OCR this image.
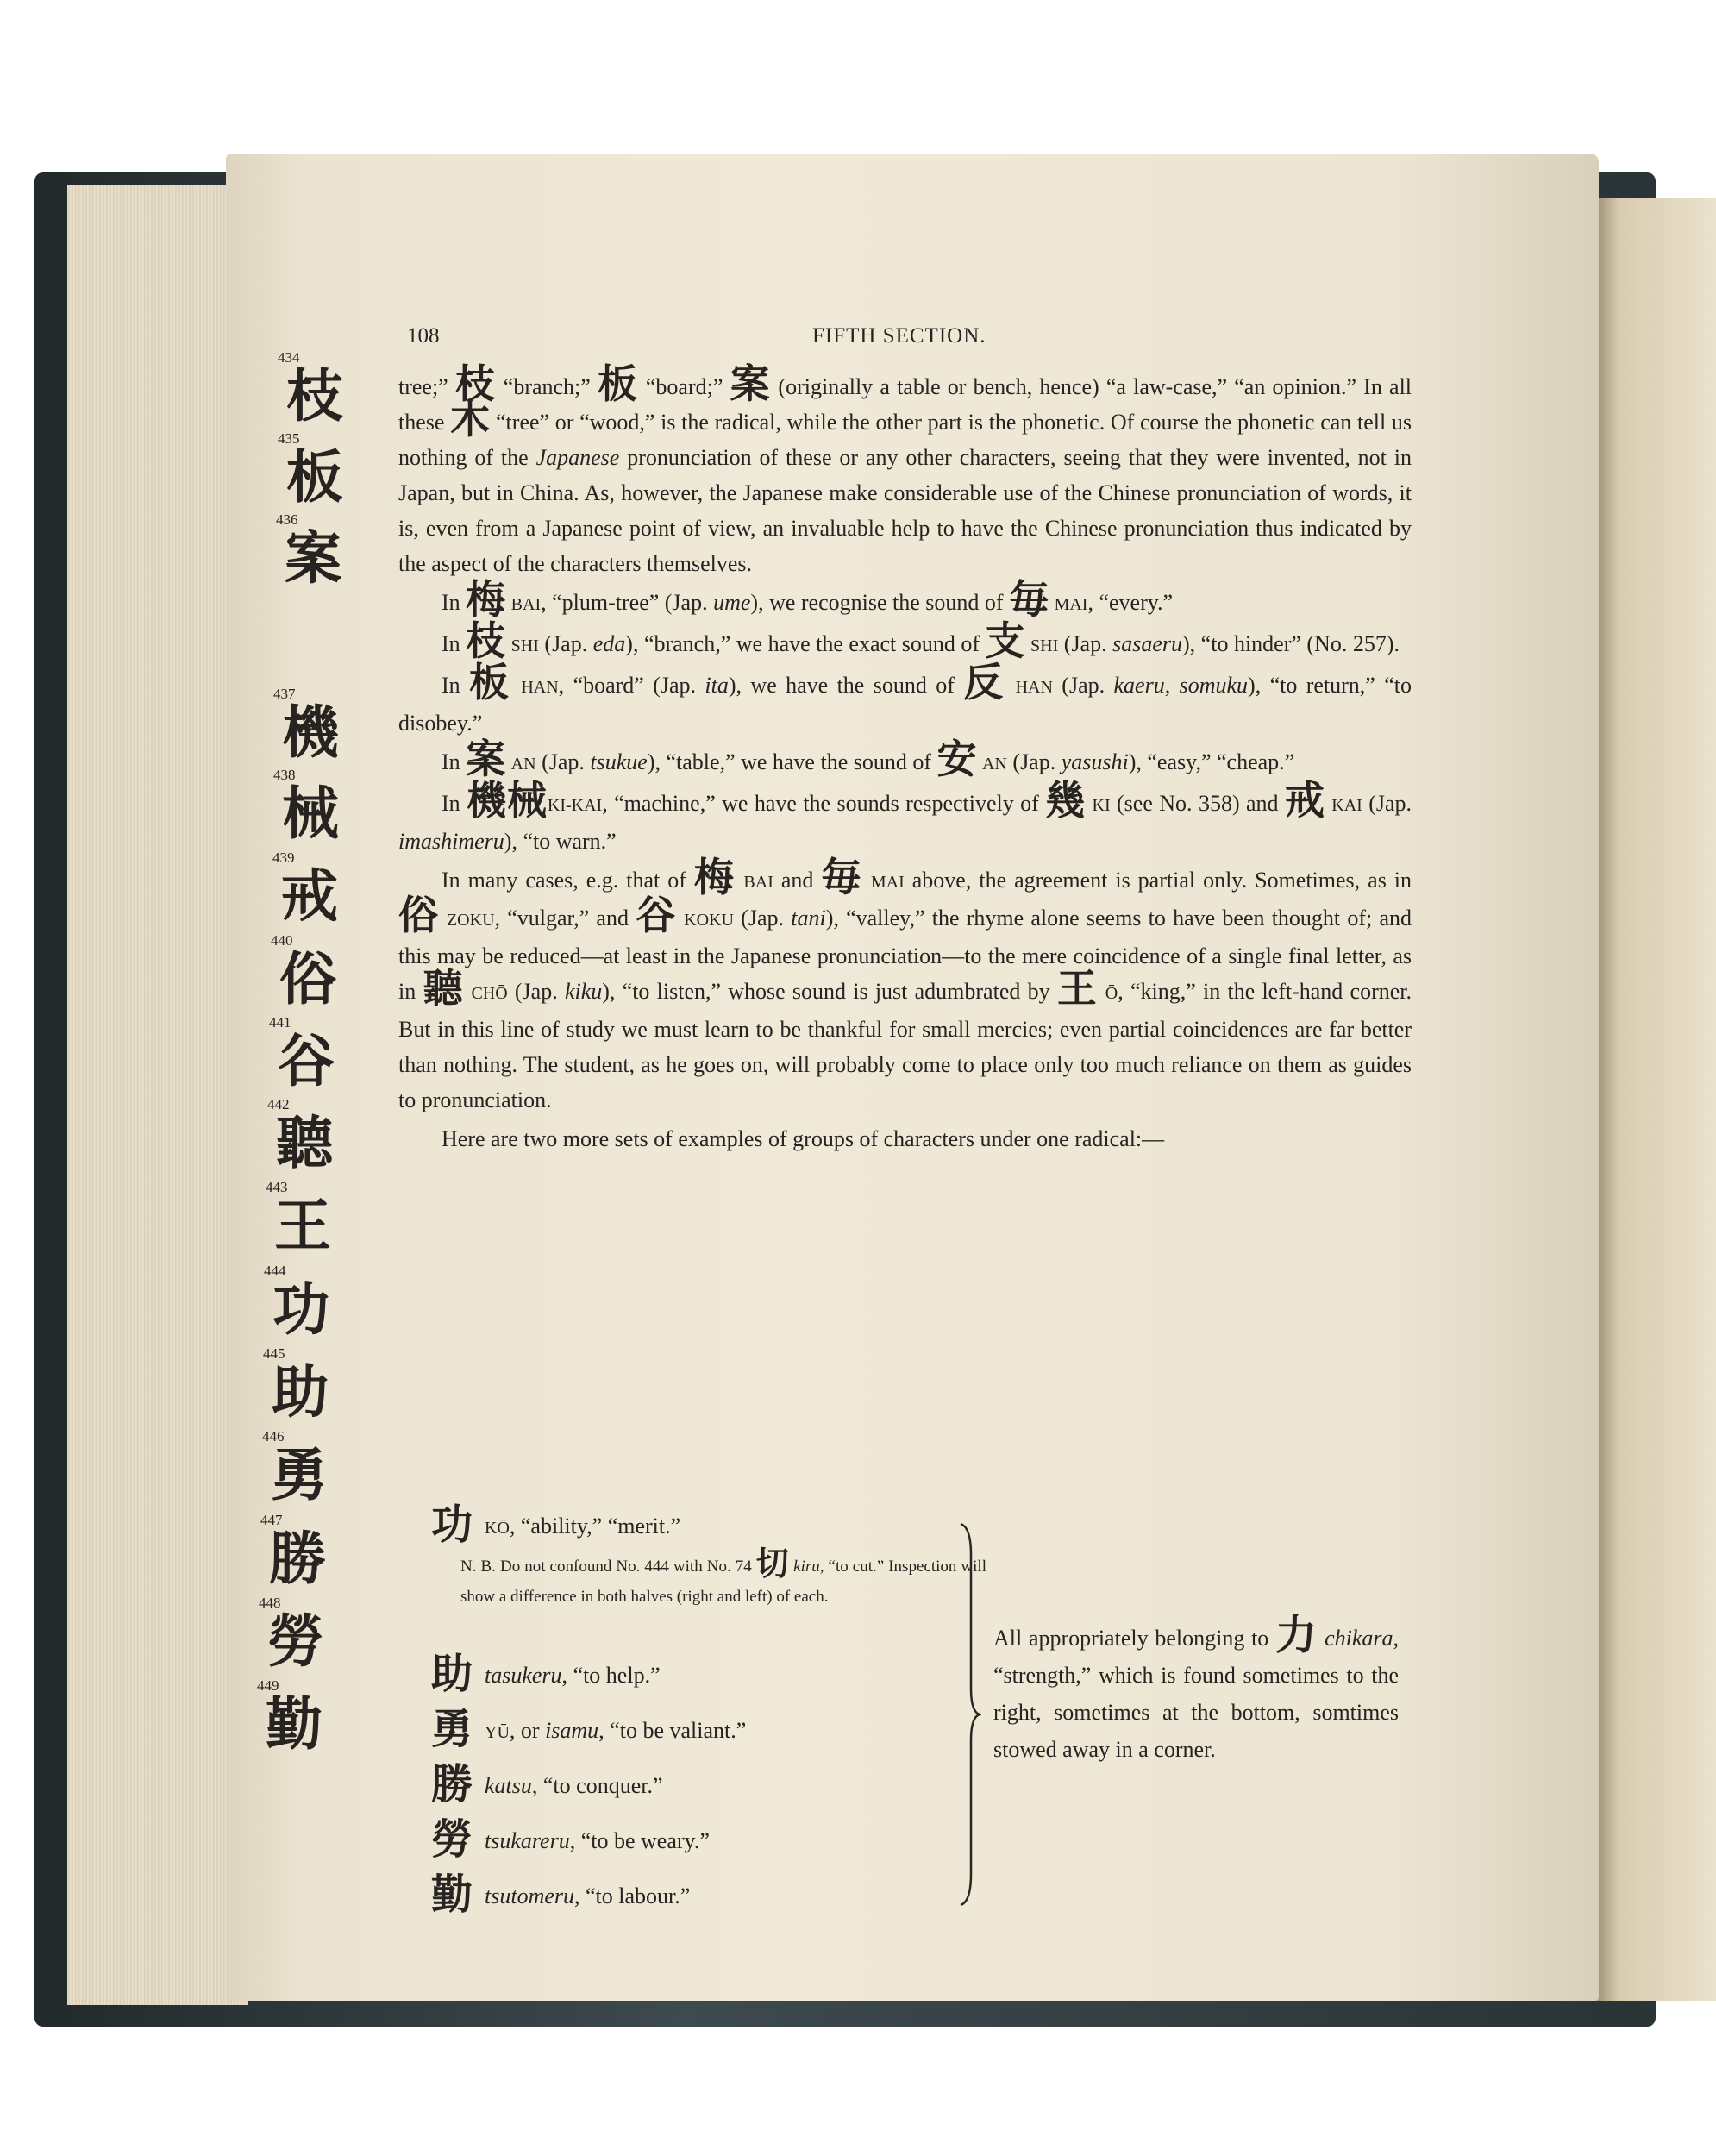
108	FIFTH SECTION.
434
枝
435
板
436
案
437
機
438
械
439
戒
440
俗
441
谷
442
聽
443
王
444
功
445
助
446
勇
447
勝
448
勞
449
勤

tree;” 枝 “branch;” 板 “board;” 案 (originally a table or bench, hence) “a law-case,” “an opinion.” In all these 木 “tree” or “wood,” is the radical, while the other part is the phonetic. Of course the phonetic can tell us nothing of the Japanese pronunciation of these or any other characters, seeing that they were invented, not in Japan, but in China. As, however, the Japanese make considerable use of the Chinese pronunciation of words, it is, even from a Japanese point of view, an invaluable help to have the Chinese pronunciation thus indicated by the aspect of the characters themselves.

In 梅 BAI, “plum-tree” (Jap. ume), we recognise the sound of 毎 MAI, “every.”

In 枝 SHI (Jap. eda), “branch,” we have the exact sound of 支 SHI (Jap. sasaeru), “to hinder” (No. 257).

In 板 HAN, “board” (Jap. ita), we have the sound of 反 HAN (Jap. kaeru, somuku), “to return,” “to disobey.”

In 案 AN (Jap. tsukue), “table,” we have the sound of 安 AN (Jap. yasushi), “easy,” “cheap.”

In 機械KI-KAI, “machine,” we have the sounds respectively of 幾 KI (see No. 358) and 戒 KAI (Jap. imashimeru), “to warn.”

In many cases, e.g. that of 梅 BAI and 毎 MAI above, the agreement is partial only. Sometimes, as in 俗 ZOKU, “vulgar,” and 谷 KOKU (Jap. tani), “valley,” the rhyme alone seems to have been thought of; and this may be reduced—at least in the Japanese pronunciation—to the mere coincidence of a single final letter, as in 聽 CHŌ (Jap. kiku), “to listen,” whose sound is just adumbrated by 王 Ō, “king,” in the left-hand corner. But in this line of study we must learn to be thankful for small mercies; even partial coincidences are far better than nothing. The student, as he goes on, will probably come to place only too much reliance on them as guides to pronunciation.

Here are two more sets of examples of groups of characters under one radical:—

功KŌ, “ability,” “merit.”
N. B. Do not confound No. 444 with No. 74 切 kiru, “to cut.” Inspection will show a difference in both halves (right and left) of each.
助tasukeru, “to help.”
勇YŪ, or isamu, “to be valiant.”
勝katsu, “to conquer.”
勞tsukareru, “to be weary.”
勤tsutomeru, “to labour.”
All appropriately belonging to 力 chikara, “strength,” which is found sometimes to the right, sometimes at the bottom, somtimes stowed away in a corner.
